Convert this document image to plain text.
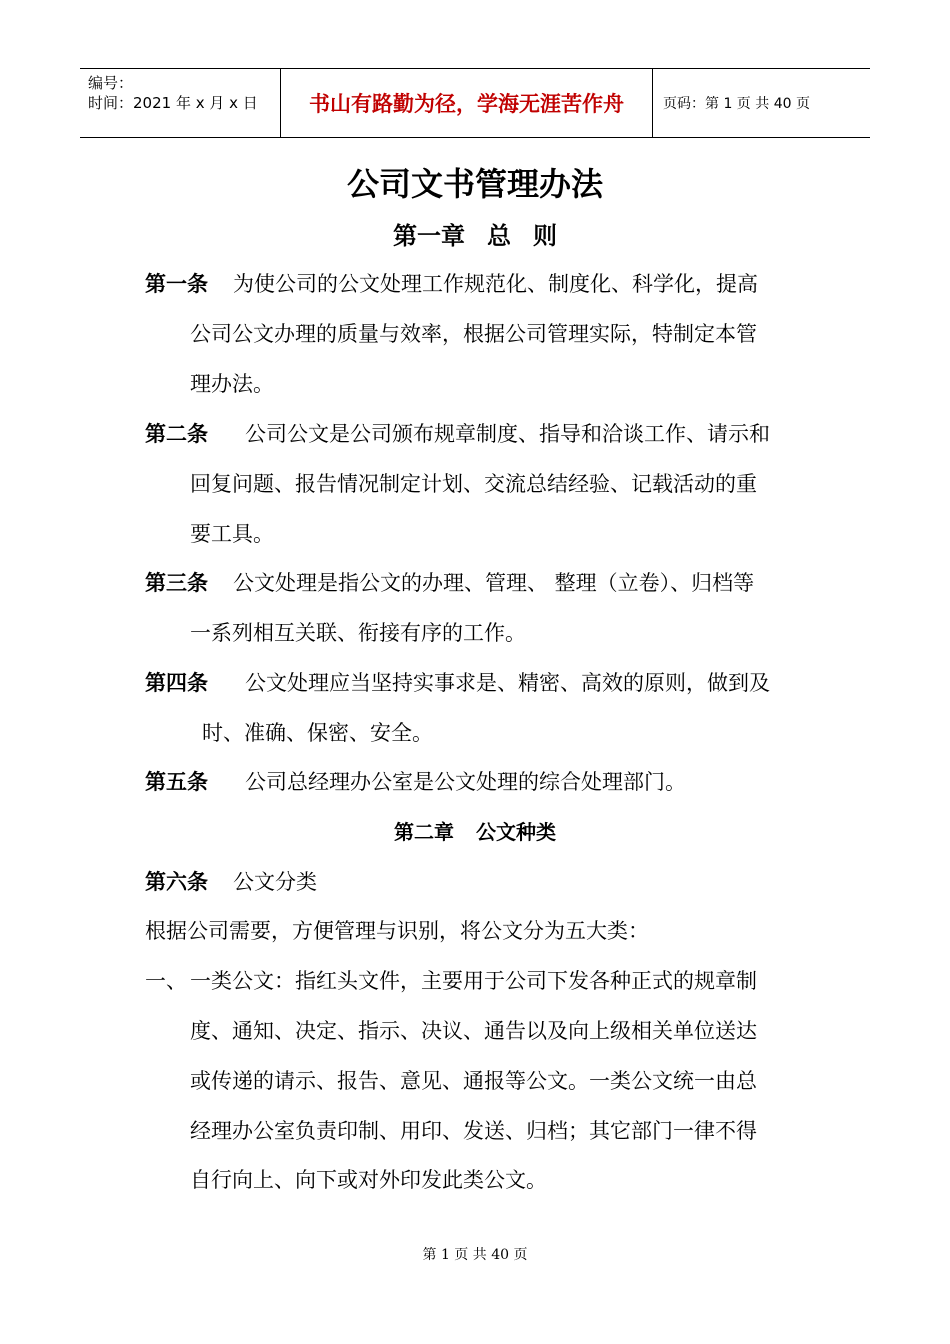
编号：
时间：2021 年 x 月 x 日	书山有路勤为径，学海无涯苦作舟	页码：第 1 页 共 40 页
公司文书管理办法
第一章 总 则
第一条 为使公司的公文处理工作规范化、制度化、科学化，提高
公司公文办理的质量与效率，根据公司管理实际，特制定本管
理办法。
第二条 公司公文是公司颁布规章制度、指导和洽谈工作、请示和
回复问题、报告情况制定计划、交流总结经验、记载活动的重
要工具。
第三条 公文处理是指公文的办理、管理、 整理（立卷）、归档等
一系列相互关联、衔接有序的工作。
第四条 公文处理应当坚持实事求是、精密、高效的原则，做到及
时、准确、保密、安全。
第五条 公司总经理办公室是公文处理的综合处理部门。
第二章 公文种类
第六条 公文分类
根据公司需要，方便管理与识别，将公文分为五大类：
一、 一类公文：指红头文件，主要用于公司下发各种正式的规章制
度、通知、决定、指示、决议、通告以及向上级相关单位送达
或传递的请示、报告、意见、通报等公文。一类公文统一由总
经理办公室负责印制、用印、发送、归档；其它部门一律不得
自行向上、向下或对外印发此类公文。
第 1 页 共 40 页
